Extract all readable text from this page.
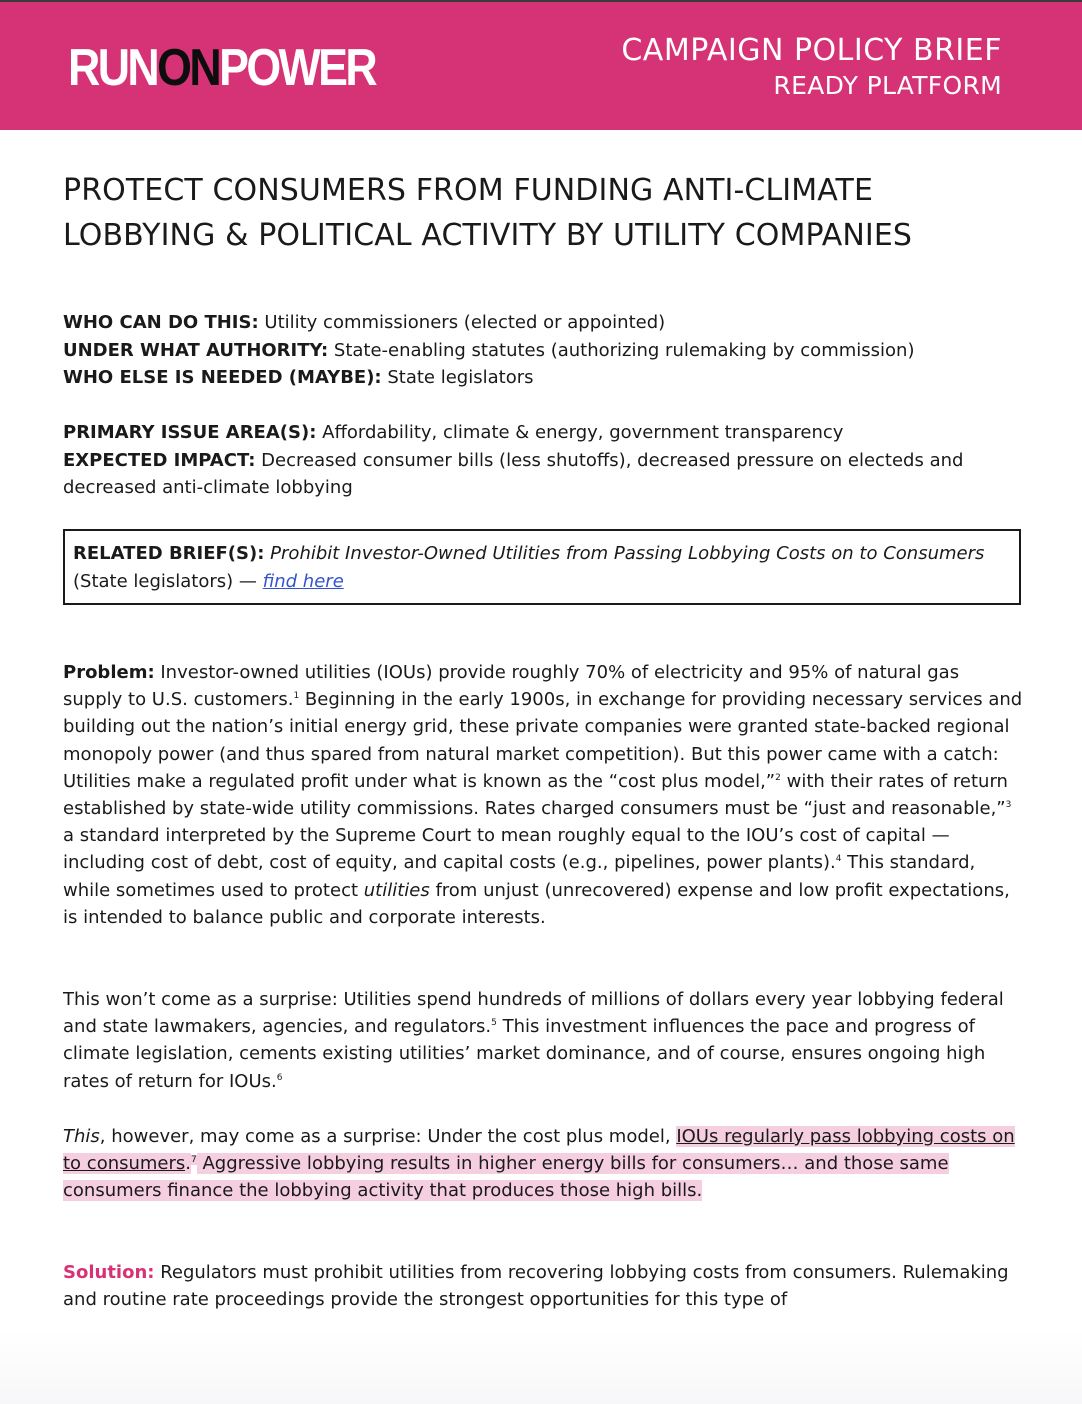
RUNONPOWER	CAMPAIGN POLICY BRIEF
READY PLATFORM
PROTECT CONSUMERS FROM FUNDING ANTI-CLIMATE LOBBYING & POLITICAL ACTIVITY BY UTILITY COMPANIES

WHO CAN DO THIS: Utility commissioners (elected or appointed)

UNDER WHAT AUTHORITY: State-enabling statutes (authorizing rulemaking by commission)

WHO ELSE IS NEEDED (MAYBE): State legislators

PRIMARY ISSUE AREA(S): Affordability, climate & energy, government transparency

EXPECTED IMPACT: Decreased consumer bills (less shutoffs), decreased pressure on electeds and decreased anti-climate lobbying

RELATED BRIEF(S): Prohibit Investor-Owned Utilities from Passing Lobbying Costs on to Consumers (State legislators) — find here

Problem: Investor-owned utilities (IOUs) provide roughly 70% of electricity and 95% of natural gas supply to U.S. customers.$^1$ Beginning in the early 1900s, in exchange for providing necessary services and building out the nation’s initial energy grid, these private companies were granted state-backed regional monopoly power (and thus spared from natural market competition). But this power came with a catch: Utilities make a regulated profit under what is known as the “cost plus model,”$^2$ with their rates of return established by state-wide utility commissions. Rates charged consumers must be “just and reasonable,”$^3$ a standard interpreted by the Supreme Court to mean roughly equal to the IOU’s cost of capital — including cost of debt, cost of equity, and capital costs (e.g., pipelines, power plants).$^4$ This standard, while sometimes used to protect utilities from unjust (unrecovered) expense and low profit expectations, is intended to balance public and corporate interests.

This won’t come as a surprise: Utilities spend hundreds of millions of dollars every year lobbying federal and state lawmakers, agencies, and regulators.$^5$ This investment influences the pace and progress of climate legislation, cements existing utilities’ market dominance, and of course, ensures ongoing high rates of return for IOUs.$^6$

This, however, may come as a surprise: Under the cost plus model, IOUs regularly pass lobbying costs on to consumers.$^7$ Aggressive lobbying results in higher energy bills for consumers… and those same consumers finance the lobbying activity that produces those high bills.

Solution: Regulators must prohibit utilities from recovering lobbying costs from consumers. Rulemaking and routine rate proceedings provide the strongest opportunities for this type of
